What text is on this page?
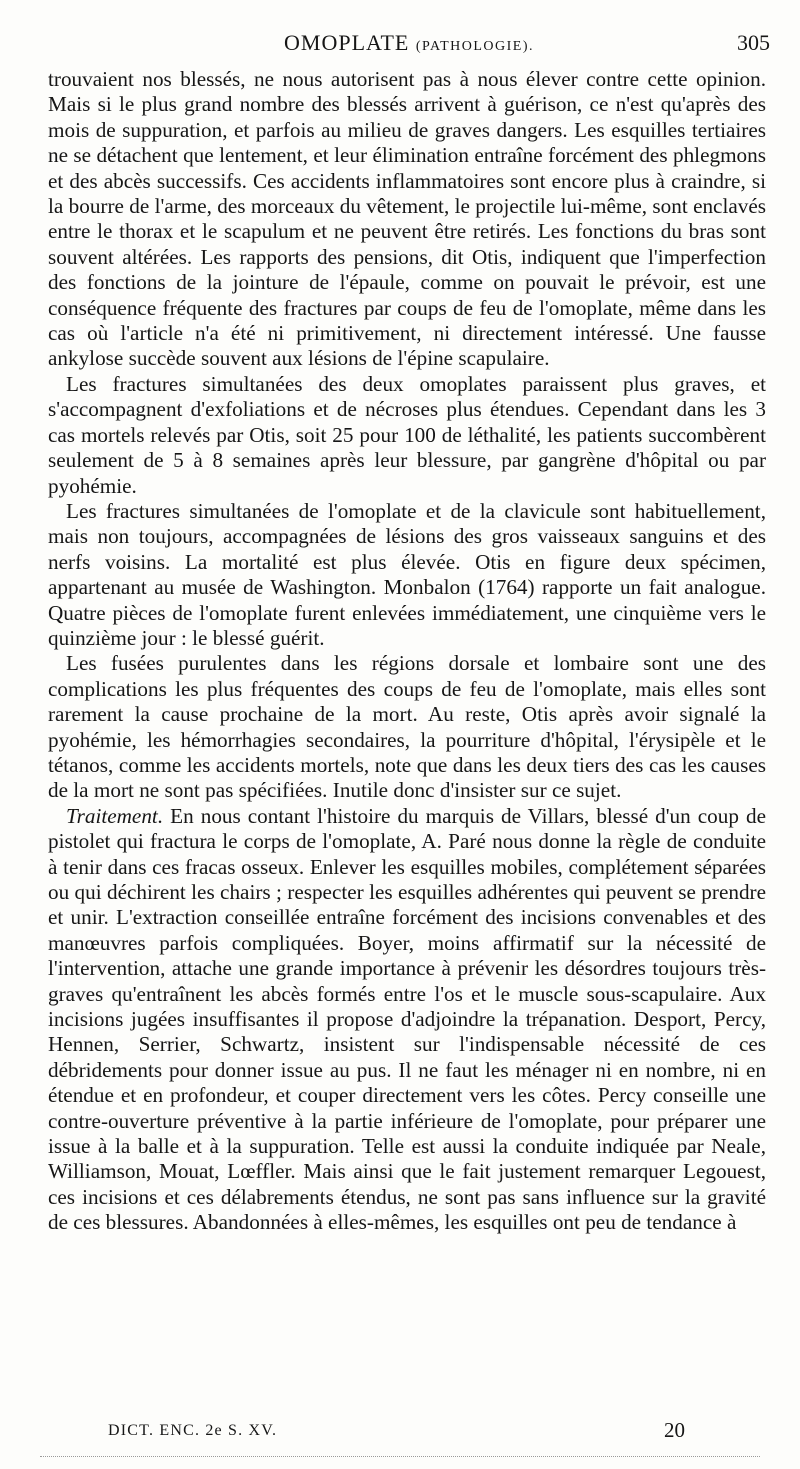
OMOPLATE (PATHOLOGIE).	305

trouvaient nos blessés, ne nous autorisent pas à nous élever contre cette opinion. Mais si le plus grand nombre des blessés arrivent à guérison, ce n'est qu'après des mois de suppuration, et parfois au milieu de graves dangers. Les esquilles tertiaires ne se détachent que lentement, et leur élimination entraîne forcément des phlegmons et des abcès successifs. Ces accidents inflammatoires sont encore plus à craindre, si la bourre de l'arme, des morceaux du vêtement, le projectile lui-même, sont enclavés entre le thorax et le scapulum et ne peuvent être retirés. Les fonctions du bras sont souvent altérées. Les rapports des pensions, dit Otis, indiquent que l'imperfection des fonctions de la jointure de l'épaule, comme on pouvait le prévoir, est une conséquence fréquente des fractures par coups de feu de l'omoplate, même dans les cas où l'article n'a été ni primitivement, ni directement intéressé. Une fausse ankylose succède souvent aux lésions de l'épine scapulaire.

Les fractures simultanées des deux omoplates paraissent plus graves, et s'accompagnent d'exfoliations et de nécroses plus étendues. Cependant dans les 3 cas mortels relevés par Otis, soit 25 pour 100 de léthalité, les patients succombèrent seulement de 5 à 8 semaines après leur blessure, par gangrène d'hôpital ou par pyohémie.

Les fractures simultanées de l'omoplate et de la clavicule sont habituellement, mais non toujours, accompagnées de lésions des gros vaisseaux sanguins et des nerfs voisins. La mortalité est plus élevée. Otis en figure deux spécimen, appartenant au musée de Washington. Monbalon (1764) rapporte un fait analogue. Quatre pièces de l'omoplate furent enlevées immédiatement, une cinquième vers le quinzième jour : le blessé guérit.

Les fusées purulentes dans les régions dorsale et lombaire sont une des complications les plus fréquentes des coups de feu de l'omoplate, mais elles sont rarement la cause prochaine de la mort. Au reste, Otis après avoir signalé la pyohémie, les hémorrhagies secondaires, la pourriture d'hôpital, l'érysipèle et le tétanos, comme les accidents mortels, note que dans les deux tiers des cas les causes de la mort ne sont pas spécifiées. Inutile donc d'insister sur ce sujet.

Traitement. En nous contant l'histoire du marquis de Villars, blessé d'un coup de pistolet qui fractura le corps de l'omoplate, A. Paré nous donne la règle de conduite à tenir dans ces fracas osseux. Enlever les esquilles mobiles, complétement séparées ou qui déchirent les chairs ; respecter les esquilles adhérentes qui peuvent se prendre et unir. L'extraction conseillée entraîne forcément des incisions convenables et des manœuvres parfois compliquées. Boyer, moins affirmatif sur la nécessité de l'intervention, attache une grande importance à prévenir les désordres toujours très-graves qu'entraînent les abcès formés entre l'os et le muscle sous-scapulaire. Aux incisions jugées insuffisantes il propose d'adjoindre la trépanation. Desport, Percy, Hennen, Serrier, Schwartz, insistent sur l'indispensable nécessité de ces débridements pour donner issue au pus. Il ne faut les ménager ni en nombre, ni en étendue et en profondeur, et couper directement vers les côtes. Percy conseille une contre-ouverture préventive à la partie inférieure de l'omoplate, pour préparer une issue à la balle et à la suppuration. Telle est aussi la conduite indiquée par Neale, Williamson, Mouat, Lœffler. Mais ainsi que le fait justement remarquer Legouest, ces incisions et ces délabrements étendus, ne sont pas sans influence sur la gravité de ces blessures. Abandonnées à elles-mêmes, les esquilles ont peu de tendance à

DICT. ENC. 2e S. XV.	20
